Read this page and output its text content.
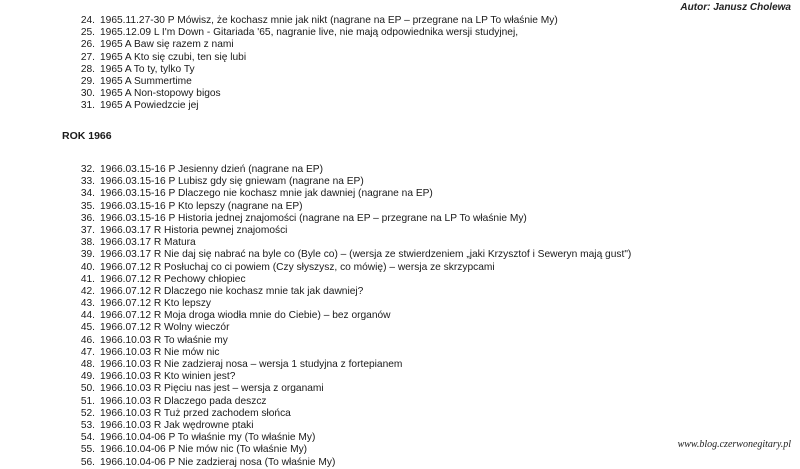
Autor: Janusz Cholewa
24. 1965.11.27-30 P Mówisz, że kochasz mnie jak nikt (nagrane na EP – przegrane na LP To właśnie My)
25. 1965.12.09 L I'm Down - Gitariada '65, nagranie live, nie mają odpowiednika wersji studyjnej,
26. 1965 A Baw się razem z nami
27. 1965 A Kto się czubi, ten się lubi
28. 1965 A To ty, tylko Ty
29. 1965 A Summertime
30. 1965 A Non-stopowy bigos
31. 1965 A Powiedzcie jej
ROK 1966
32. 1966.03.15-16 P Jesienny dzień (nagrane na EP)
33. 1966.03.15-16 P Lubisz gdy się gniewam (nagrane na EP)
34. 1966.03.15-16 P Dlaczego nie kochasz mnie jak dawniej (nagrane na EP)
35. 1966.03.15-16 P Kto lepszy (nagrane na EP)
36. 1966.03.15-16 P Historia jednej znajomości (nagrane na EP – przegrane na LP To właśnie My)
37. 1966.03.17 R Historia pewnej znajomości
38. 1966.03.17 R Matura
39. 1966.03.17 R Nie daj się nabrać na byle co (Byle co) – (wersja ze stwierdzeniem „jaki Krzysztof i Seweryn mają gust")
40. 1966.07.12 R Posłuchaj co ci powiem (Czy słyszysz, co mówię) – wersja ze skrzypcami
41. 1966.07.12 R Pechowy chłopiec
42. 1966.07.12 R Dlaczego nie kochasz mnie tak jak dawniej?
43. 1966.07.12 R Kto lepszy
44. 1966.07.12 R Moja droga wiodła mnie do Ciebie) – bez organów
45. 1966.07.12 R Wolny wieczór
46. 1966.10.03 R To właśnie my
47. 1966.10.03 R Nie mów nic
48. 1966.10.03 R Nie zadzieraj nosa – wersja 1 studyjna z fortepianem
49. 1966.10.03 R Kto winien jest?
50. 1966.10.03 R Pięciu nas jest – wersja z organami
51. 1966.10.03 R Dlaczego pada deszcz
52. 1966.10.03 R Tuż przed zachodem słońca
53. 1966.10.03 R Jak wędrowne ptaki
54. 1966.10.04-06 P To właśnie my (To właśnie My)
55. 1966.10.04-06 P Nie mów nic (To właśnie My)
56. 1966.10.04-06 P Nie zadzieraj nosa (To właśnie My)
www.blog.czerwonegitary.pl
